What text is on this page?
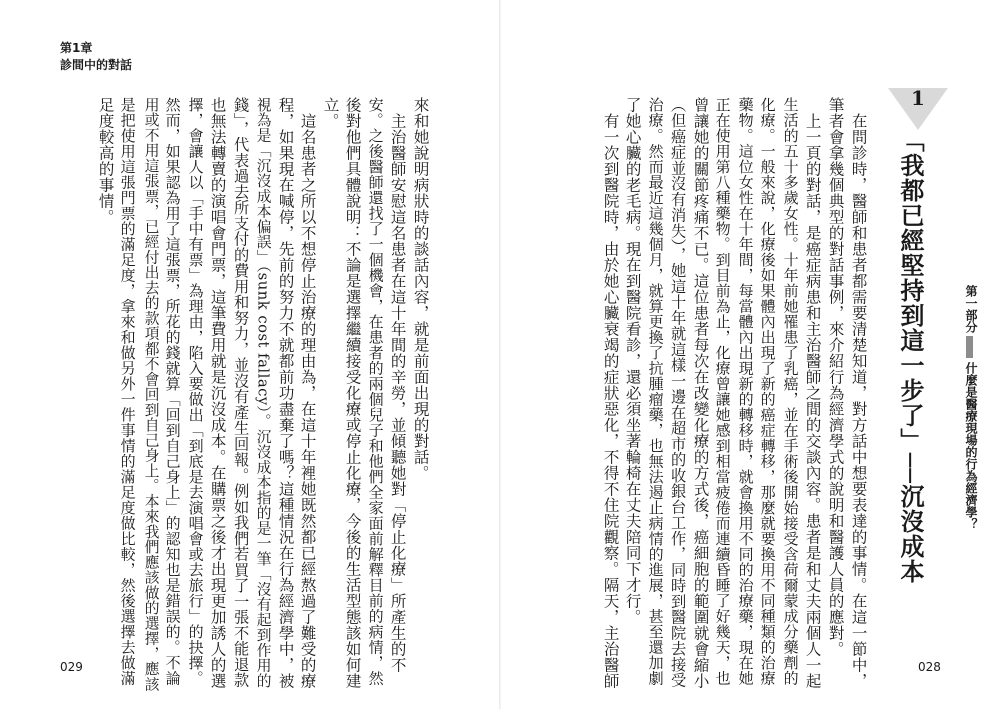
第1章
診間中的對話
來和她說明病狀時的談話內容，就是前面出現的對話。
　主治醫師安慰這名患者在這十年間的辛勞，並傾聽她對「停止化療」所產生的不
安。之後醫師還找了一個機會，在患者的兩個兒子和他們全家面前解釋目前的病情，然
後對他們具體說明：不論是選擇繼續接受化療或停止化療，今後的生活型態該如何建
立。
　這名患者之所以不想停止治療的理由為，在這十年裡她既然都已經熬過了難受的療
程，如果現在喊停，先前的努力不就都前功盡棄了嗎？這種情況在行為經濟學中，被
視為是「沉沒成本偏誤」（sunk cost fallacy）。沉沒成本指的是一筆「沒有起到作用的
錢」，代表過去所支付的費用和努力，並沒有產生回報。例如我們若買了一張不能退款
也無法轉賣的演唱會門票，這筆費用就是沉沒成本。在購票之後才出現更加誘人的選
擇，會讓人以「手中有票」為理由，陷入要做出「到底是去演唱會或去旅行」的抉擇。
然而，如果認為用了這張票，所花的錢就算「回到自己身上」的認知也是錯誤的。不論
用或不用這張票，已經付出去的款項都不會回到自己身上。本來我們應該做的選擇，應該
是把使用這張門票的滿足度，拿來和做另外一件事情的滿足度做比較，然後選擇去做滿
足度較高的事情。
029
1
「我都已經堅持到這一步了」──沉沒成本	第一部分
什麼是醫療現場的行為經濟學？
　在問診時，醫師和患者都需要清楚知道，對方話中想要表達的事情。在這一節中，
筆者會拿幾個典型的對話事例，來介紹行為經濟學式的說明和醫護人員的應對。
　上一頁的對話，是癌症病患和主治醫師之間的交談內容。患者是和丈夫兩個人一起
生活的五十多歲女性。十年前她罹患了乳癌，並在手術後開始接受含荷爾蒙成分藥劑的
化療。一般來說，化療後如果體內出現了新的癌症轉移，那麼就要換用不同種類的治療
藥物。這位女性在十年間，每當體內出現新的轉移時，就會換用不同的治療藥，現在她
正在使用第八種藥物。到目前為止，化療曾讓她感到相當疲倦而連續昏睡了好幾天，也
曾讓她的關節疼痛不已。這位患者每次在改變化療的方式後，癌細胞的範圍就會縮小
（但癌症並沒有消失），她這十年就這樣一邊在超市的收銀台工作，同時到醫院去接受
治療。然而最近這幾個月，就算更換了抗腫瘤藥，也無法遏止病情的進展，甚至還加劇
了她心臟的老毛病。現在到醫院看診，還必須坐著輪椅在丈夫陪同下才行。
　有一次到醫院時，由於她心臟衰竭的症狀惡化，不得不住院觀察。隔天，主治醫師	028
